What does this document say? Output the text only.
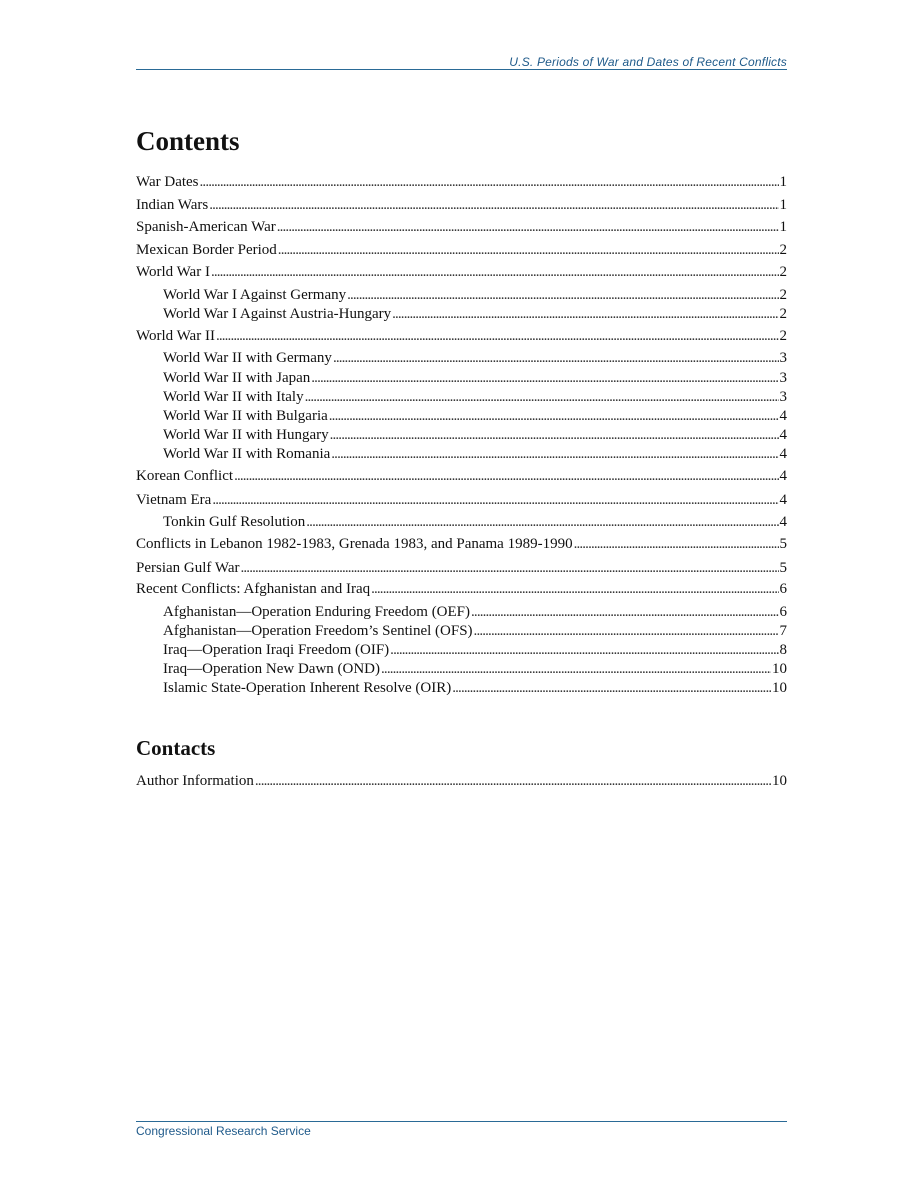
U.S. Periods of War and Dates of Recent Conflicts
Contents
War Dates . . .	1
Indian Wars . . .	1
Spanish-American War . . .	1
Mexican Border Period . . .	2
World War I . . .	2
World War I Against Germany . . .	2
World War I Against Austria-Hungary . . .	2
World War II . . .	2
World War II with Germany . . .	3
World War II with Japan . . .	3
World War II with Italy . . .	3
World War II with Bulgaria . . .	4
World War II with Hungary . . .	4
World War II with Romania . . .	4
Korean Conflict . . .	4
Vietnam Era . . .	4
Tonkin Gulf Resolution . . .	4
Conflicts in Lebanon 1982-1983, Grenada 1983, and Panama 1989-1990 . . .	5
Persian Gulf War . . .	5
Recent Conflicts: Afghanistan and Iraq . . .	6
Afghanistan—Operation Enduring Freedom (OEF) . . .	6
Afghanistan—Operation Freedom’s Sentinel (OFS) . . .	7
Iraq—Operation Iraqi Freedom (OIF) . . .	8
Iraq—Operation New Dawn (OND) . . .	10
Islamic State-Operation Inherent Resolve (OIR) . . .	10
Contacts
Author Information . . .	10
Congressional Research Service
